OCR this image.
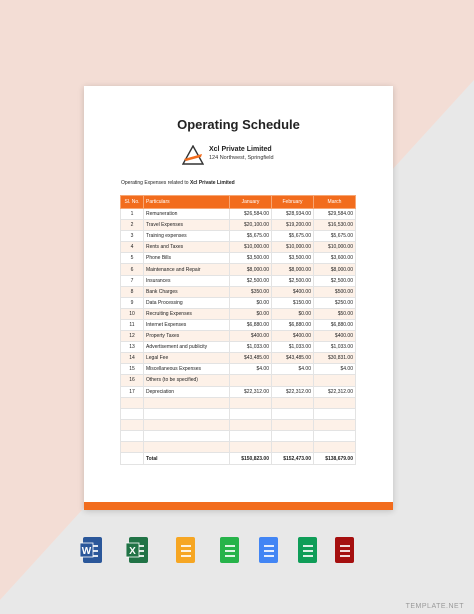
Operating Schedule
Xcl Private Limited
124 Northwest, Springfield
Operating Expenses related to Xcl Private Limited
Sl. No.	Particulars	January	February	March
1	Remuneration	$26,584.00	$28,934.00	$29,584.00
2	Travel Expenses	$20,100.00	$19,200.00	$16,530.00
3	Training expenses	$5,675.00	$5,675.00	$5,675.00
4	Rents and Taxes	$10,000.00	$10,000.00	$10,000.00
5	Phone Bills	$3,500.00	$3,500.00	$3,600.00
6	Maintenance and Repair	$8,000.00	$8,000.00	$8,000.00
7	Insurances	$2,500.00	$2,500.00	$2,500.00
8	Bank Charges	$350.00	$400.00	$500.00
9	Data Processing	$0.00	$150.00	$250.00
10	Recruiting Expenses	$0.00	$0.00	$50.00
11	Internet Expenses	$6,880.00	$6,880.00	$6,880.00
12	Property Taxes	$400.00	$400.00	$400.00
13	Advertisement and publicity	$1,033.00	$1,033.00	$1,033.00
14	Legal Fee	$43,485.00	$43,485.00	$30,831.00
15	Miscellaneous Expenses	$4.00	$4.00	$4.00
16	Others (to be specified)			
17	Depreciation	$22,312.00	$22,312.00	$22,312.00

	Total	$150,823.00	$152,473.00	$138,679.00
W	X
TEMPLATE.NET
